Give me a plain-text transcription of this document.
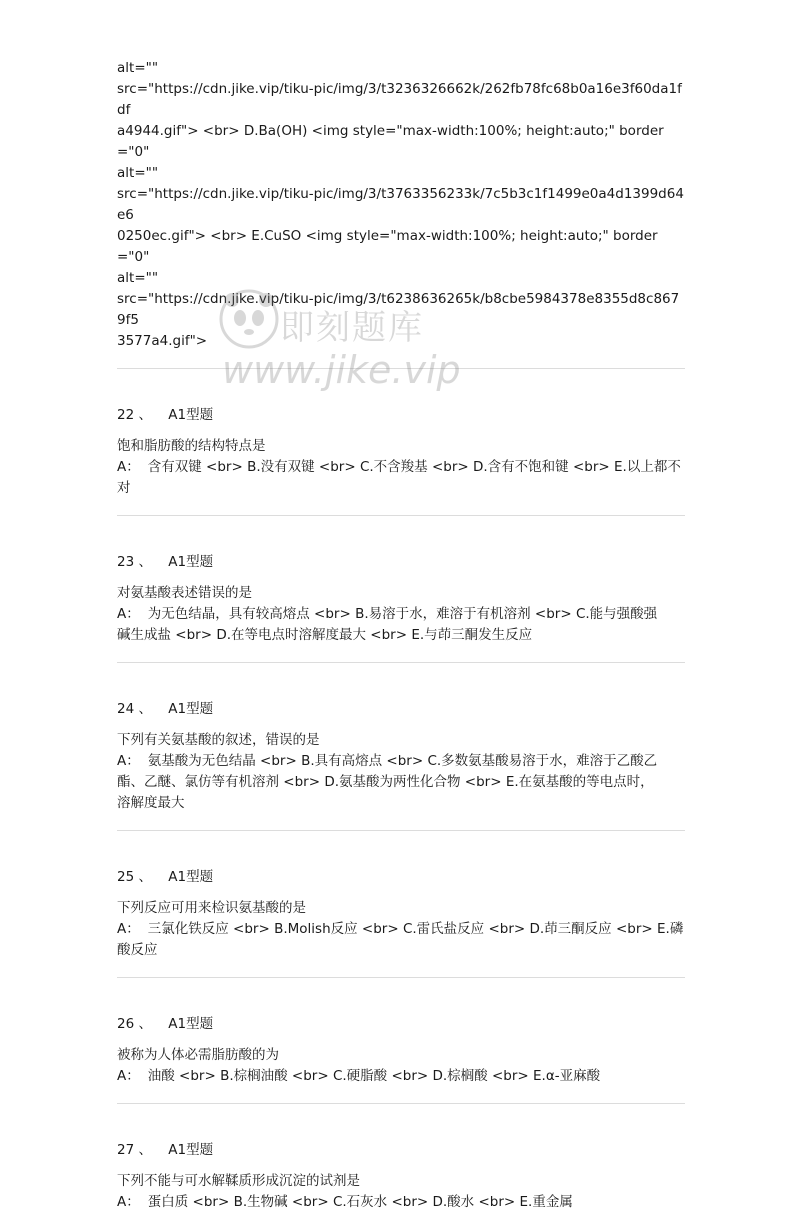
alt=""
src="https://cdn.jike.vip/tiku-pic/img/3/t3236326662k/262fb78fc68b0a16e3f60da1fdf
a4944.gif"> <br> D.Ba(OH) <img style="max-width:100%; height:auto;" border="0"
alt=""
src="https://cdn.jike.vip/tiku-pic/img/3/t3763356233k/7c5b3c1f1499e0a4d1399d64e6
0250ec.gif"> <br> E.CuSO <img style="max-width:100%; height:auto;" border="0"
alt=""
src="https://cdn.jike.vip/tiku-pic/img/3/t6238636265k/b8cbe5984378e8355d8c8679f5
3577a4.gif">
22 、 A1型题
饱和脂肪酸的结构特点是
A： 含有双键 <br> B.没有双键 <br> C.不含羧基 <br> D.含有不饱和键 <br> E.以上都不
对
23 、 A1型题
对氨基酸表述错误的是
A： 为无色结晶，具有较高熔点 <br> B.易溶于水，难溶于有机溶剂 <br> C.能与强酸强
碱生成盐 <br> D.在等电点时溶解度最大 <br> E.与茚三酮发生反应
24 、 A1型题
下列有关氨基酸的叙述，错误的是
A： 氨基酸为无色结晶 <br> B.具有高熔点 <br> C.多数氨基酸易溶于水，难溶于乙酸乙
酯、乙醚、氯仿等有机溶剂 <br> D.氨基酸为两性化合物 <br> E.在氨基酸的等电点时，
溶解度最大
25 、 A1型题
下列反应可用来检识氨基酸的是
A： 三氯化铁反应 <br> B.Molish反应 <br> C.雷氏盐反应 <br> D.茚三酮反应 <br> E.磷
酸反应
26 、 A1型题
被称为人体必需脂肪酸的为
A： 油酸 <br> B.棕榈油酸 <br> C.硬脂酸 <br> D.棕榈酸 <br> E.α-亚麻酸
27 、 A1型题
下列不能与可水解鞣质形成沉淀的试剂是
A： 蛋白质 <br> B.生物碱 <br> C.石灰水 <br> D.酸水 <br> E.重金属
即刻题库
www.jike.vip
